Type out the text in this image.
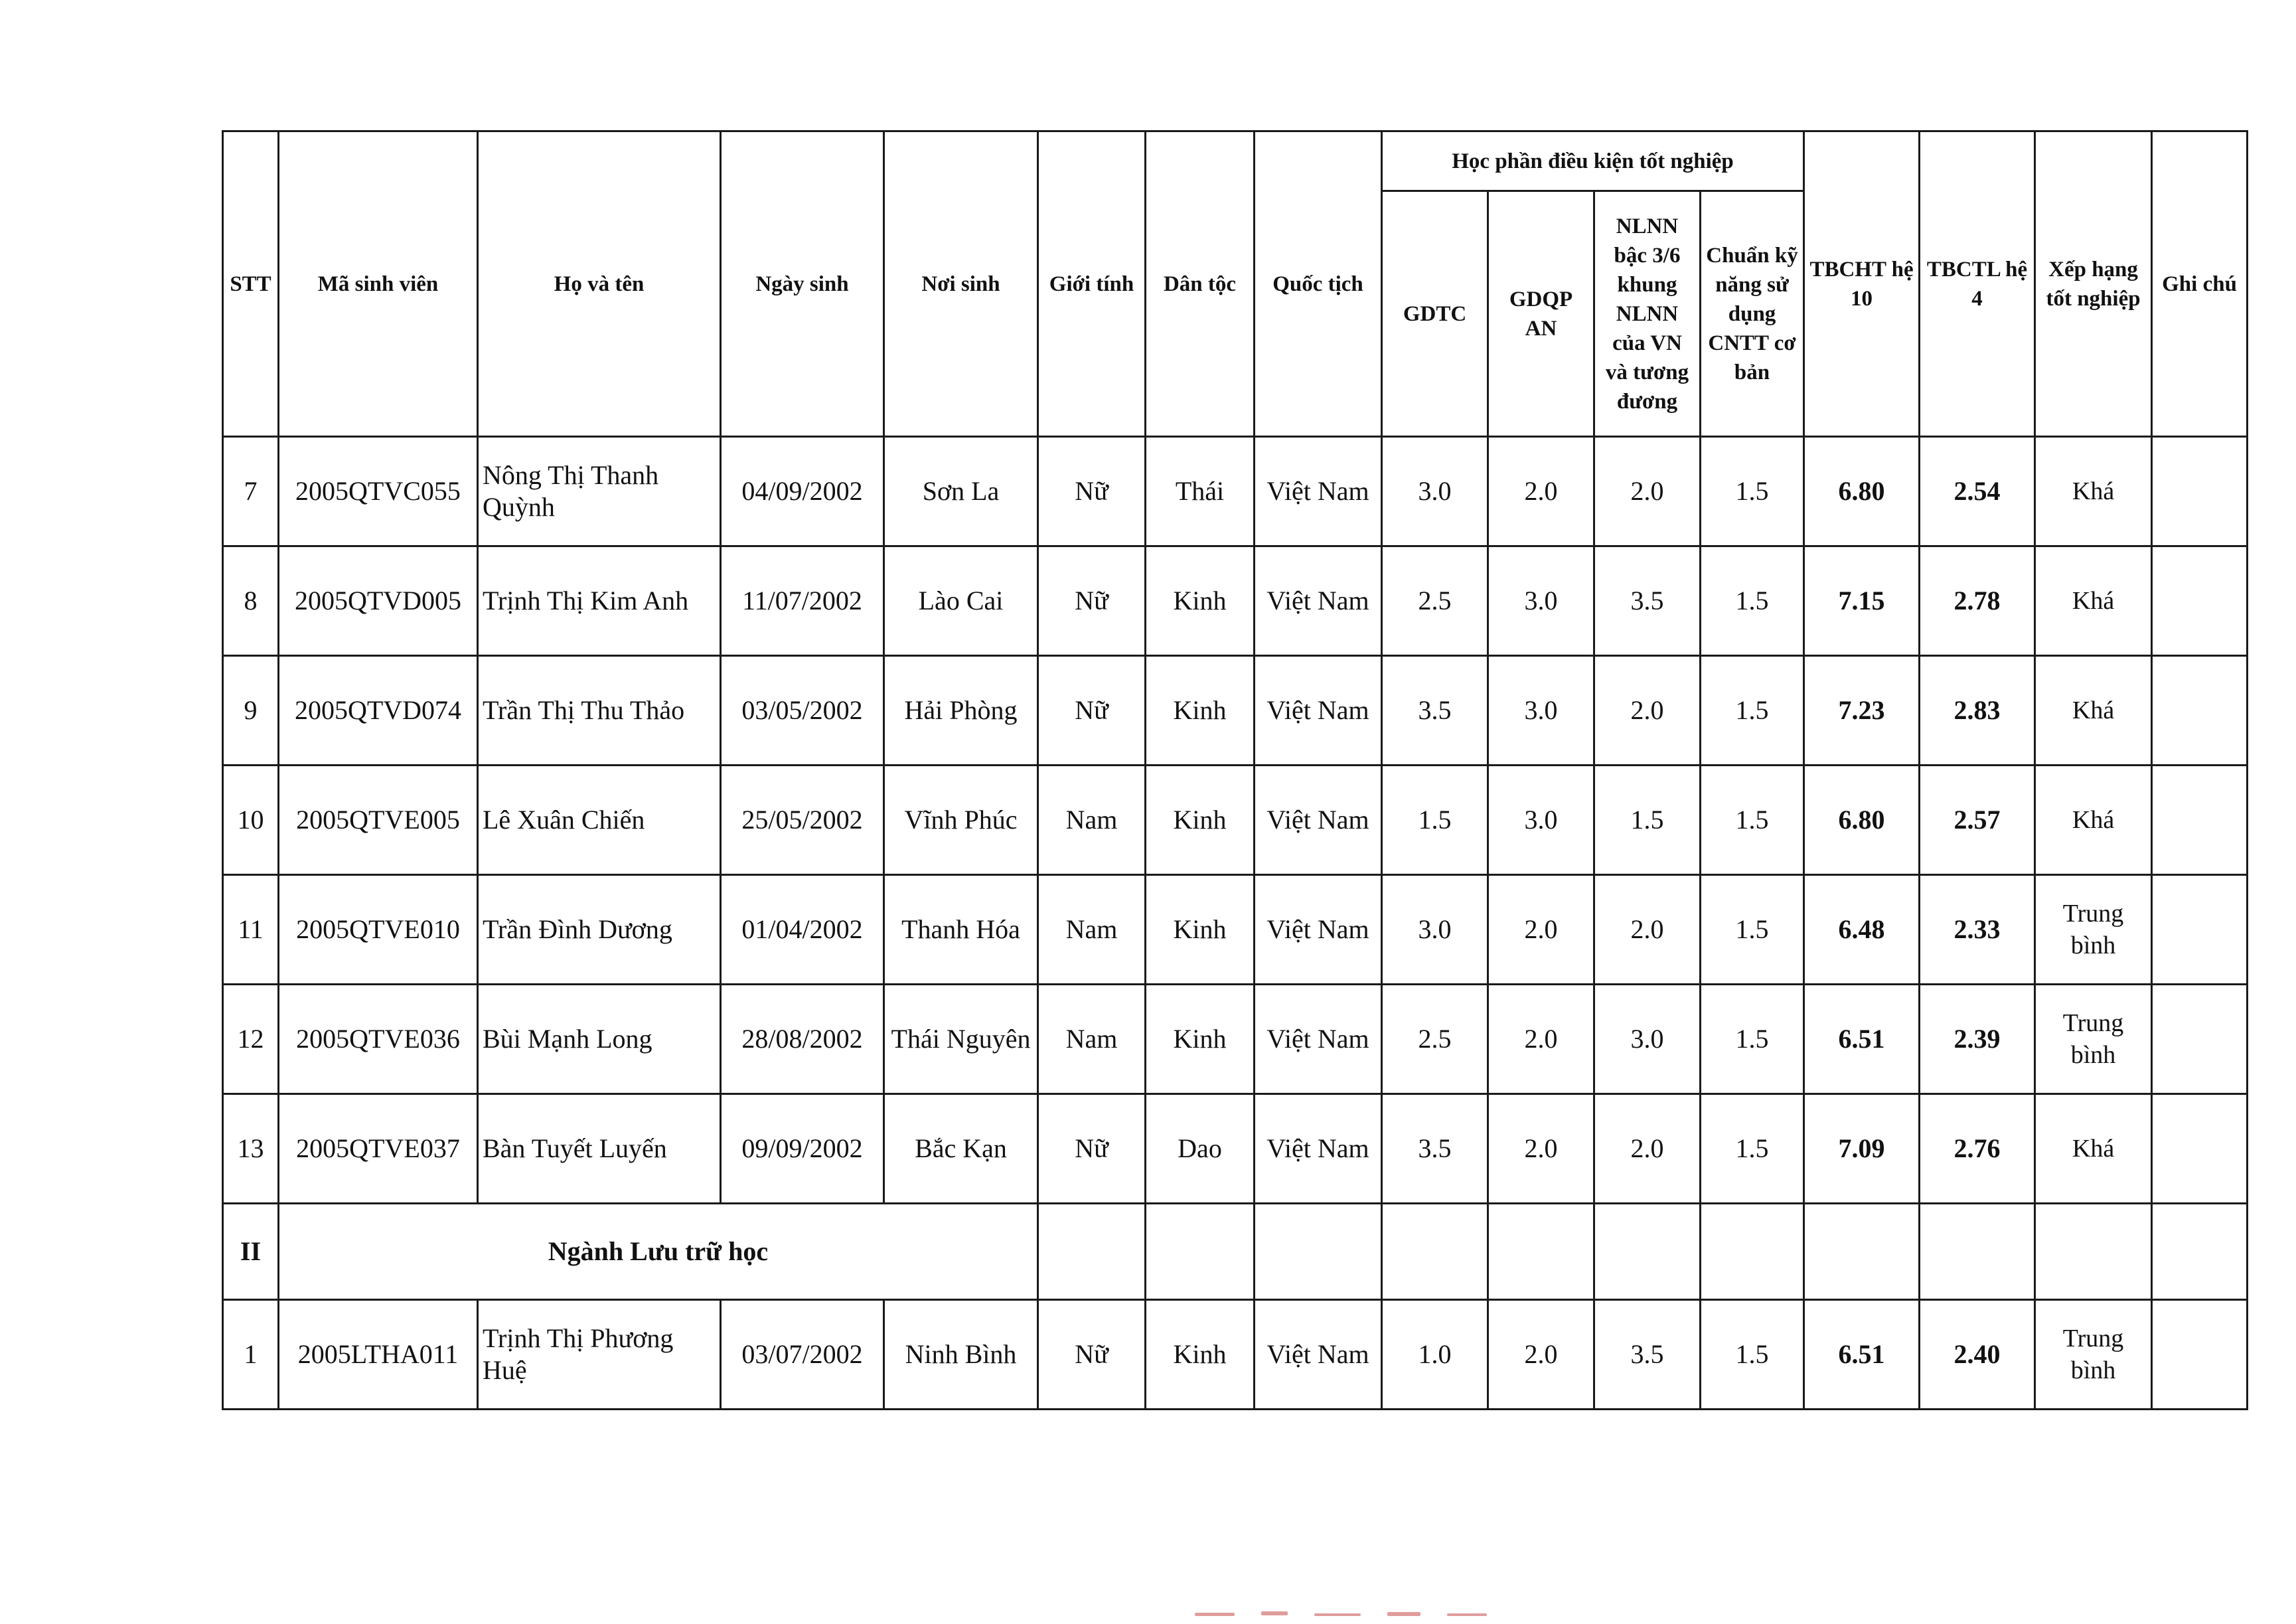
STT	Mã sinh viên	Họ và tên	Ngày sinh	Nơi sinh	Giới tính	Dân tộc	Quốc tịch	Học phần điều kiện tốt nghiệp				TBCHT hệ 10	TBCTL hệ 4	Xếp hạng tốt nghiệp	Ghi chú
								GDTC	GDQP AN	NLNN bậc 3/6 khung NLNN của VN và tương đương	Chuẩn kỹ năng sử dụng CNTT cơ bản				
7	2005QTVC055	Nông Thị Thanh Quỳnh	04/09/2002	Sơn La	Nữ	Thái	Việt Nam	3.0	2.0	2.0	1.5	6.80	2.54	Khá	
8	2005QTVD005	Trịnh Thị Kim Anh	11/07/2002	Lào Cai	Nữ	Kinh	Việt Nam	2.5	3.0	3.5	1.5	7.15	2.78	Khá	
9	2005QTVD074	Trần Thị Thu Thảo	03/05/2002	Hải Phòng	Nữ	Kinh	Việt Nam	3.5	3.0	2.0	1.5	7.23	2.83	Khá	
10	2005QTVE005	Lê Xuân Chiến	25/05/2002	Vĩnh Phúc	Nam	Kinh	Việt Nam	1.5	3.0	1.5	1.5	6.80	2.57	Khá	
11	2005QTVE010	Trần Đình Dương	01/04/2002	Thanh Hóa	Nam	Kinh	Việt Nam	3.0	2.0	2.0	1.5	6.48	2.33	Trung bình	
12	2005QTVE036	Bùi Mạnh Long	28/08/2002	Thái Nguyên	Nam	Kinh	Việt Nam	2.5	2.0	3.0	1.5	6.51	2.39	Trung bình	
13	2005QTVE037	Bàn Tuyết Luyến	09/09/2002	Bắc Kạn	Nữ	Dao	Việt Nam	3.5	2.0	2.0	1.5	7.09	2.76	Khá	
II	Ngành Lưu trữ học														
1	2005LTHA011	Trịnh Thị Phương Huệ	03/07/2002	Ninh Bình	Nữ	Kinh	Việt Nam	1.0	2.0	3.5	1.5	6.51	2.40	Trung bình	
